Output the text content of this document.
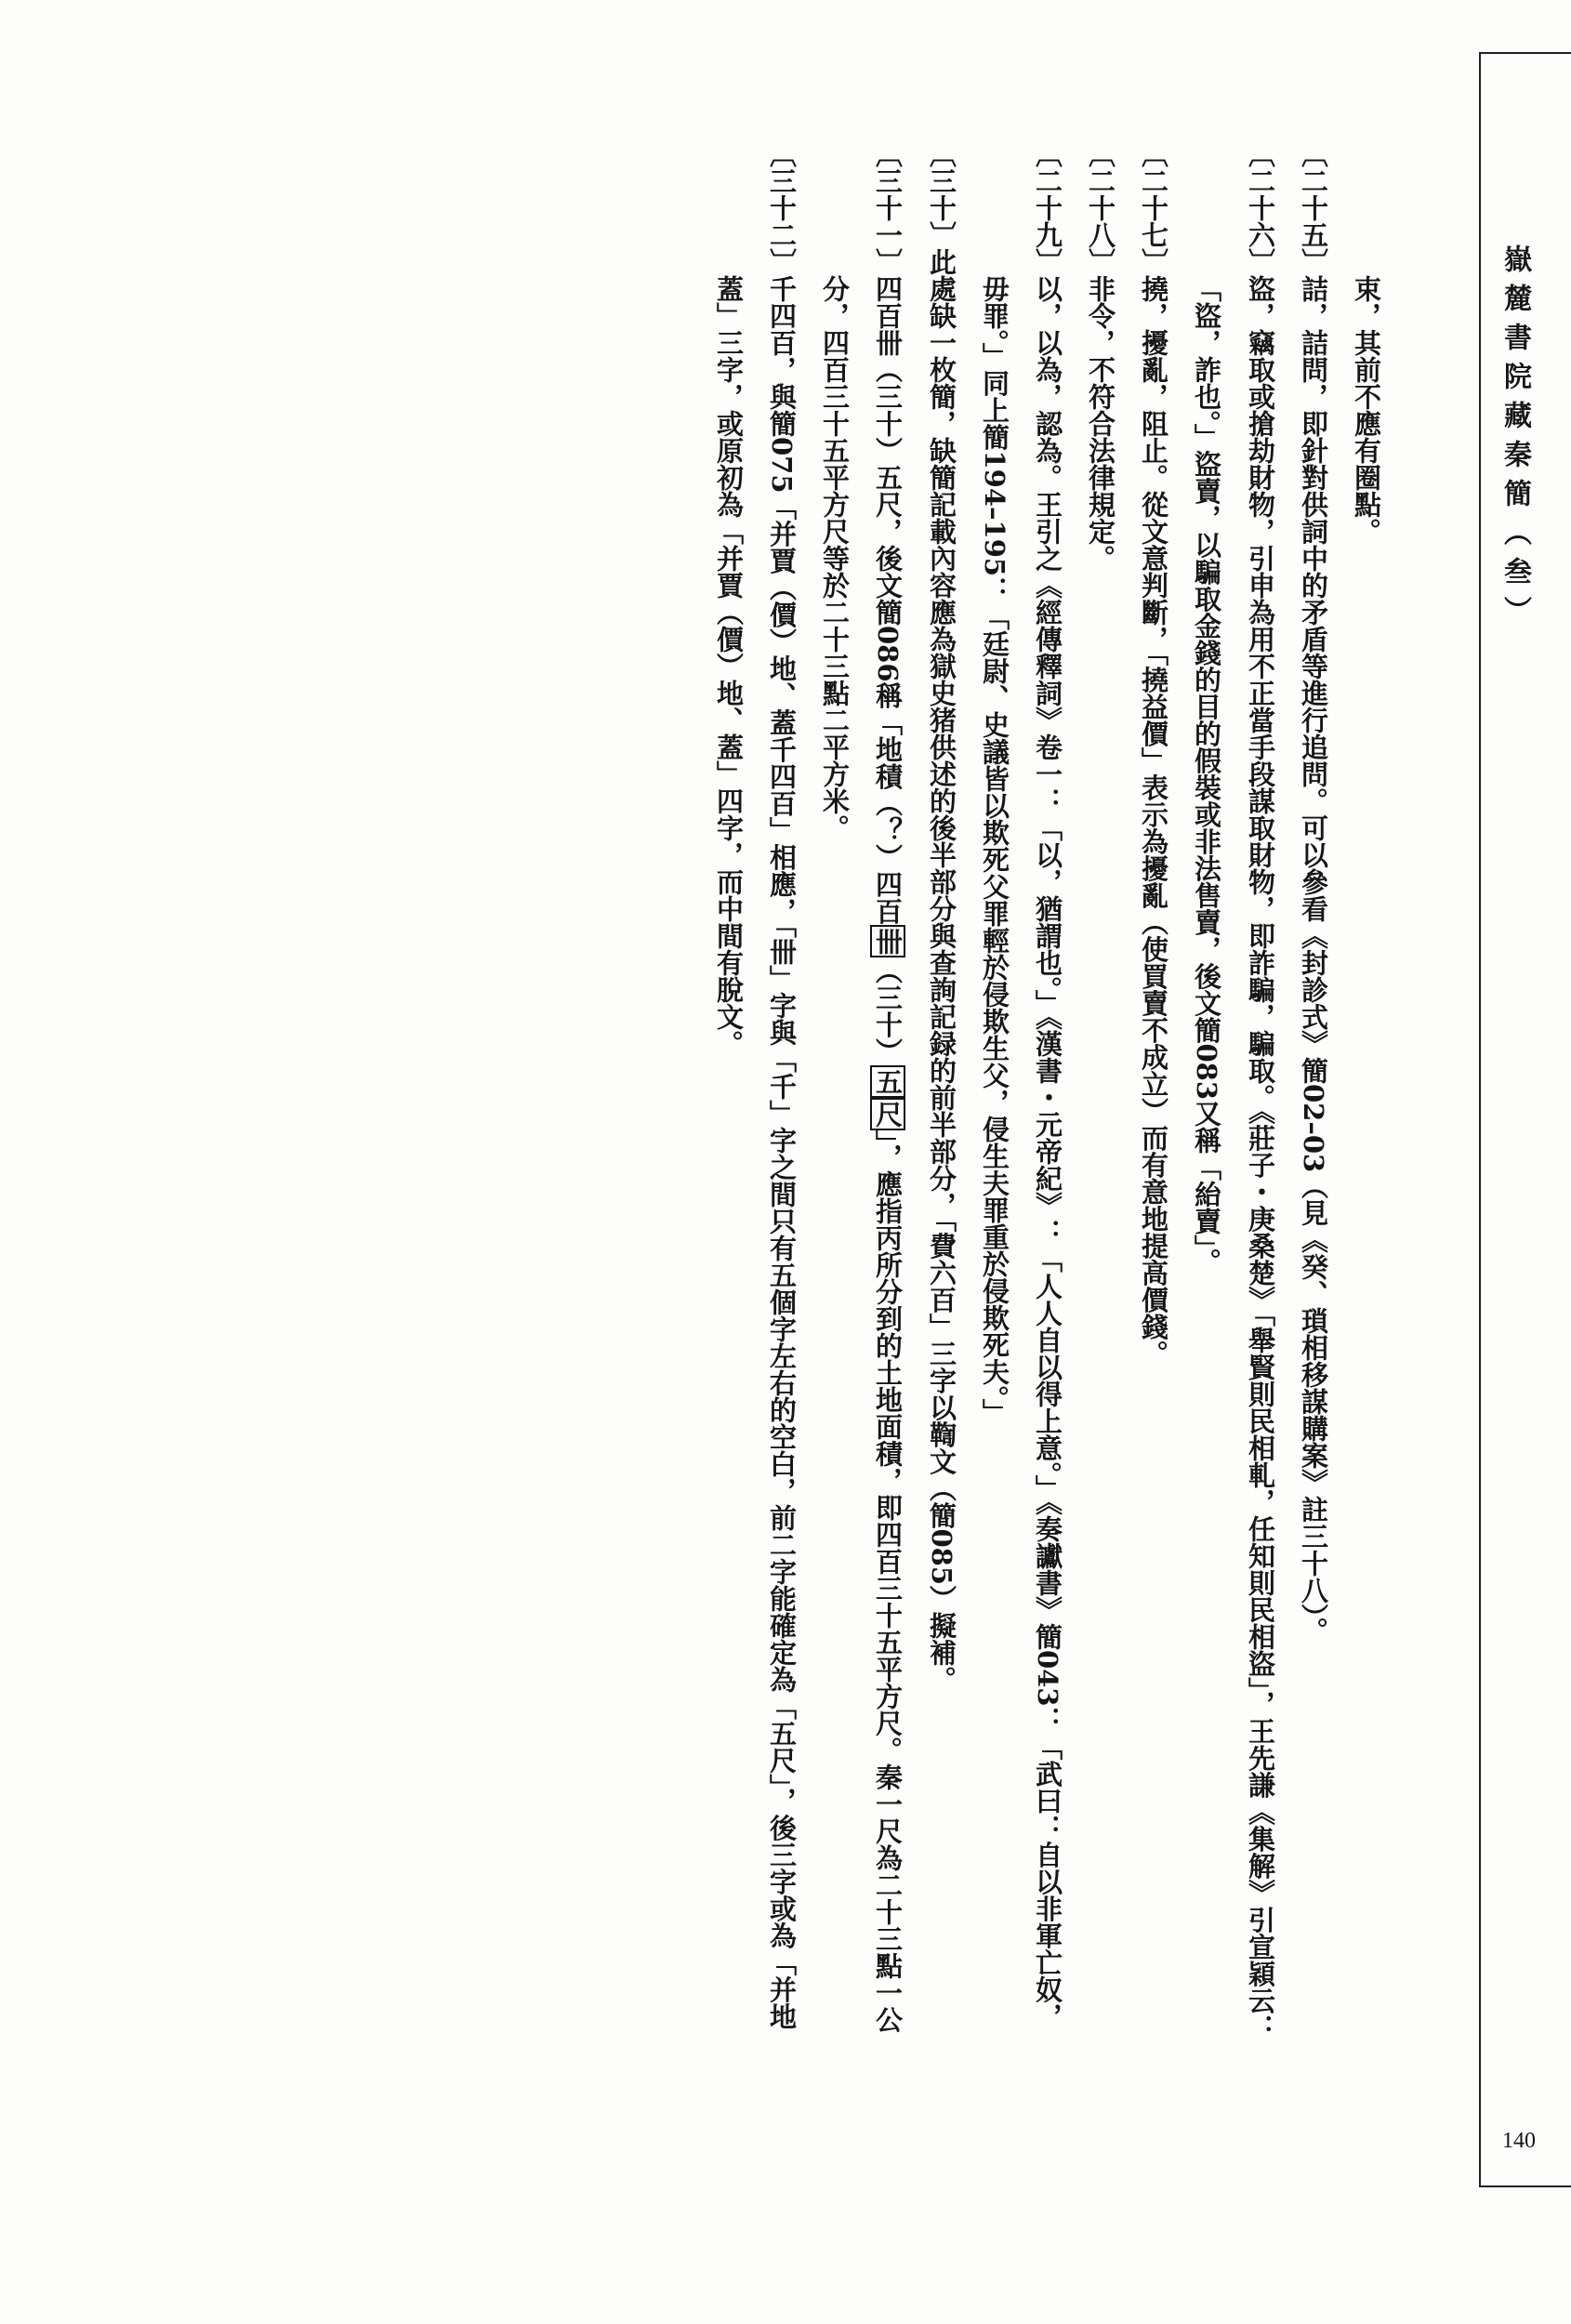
嶽麓書院藏秦簡（叁）
140
束，其前不應有圈點。
〔二十五〕詰，詰問，即針對供詞中的矛盾等進行追問。可以參看《封診式》簡02–03（見《癸、瑣相移謀購案》註三十八）。
〔二十六〕盜，竊取或搶劫財物，引申為用不正當手段謀取財物，即詐騙，騙取。《莊子・庚桑楚》「舉賢則民相軋，任知則民相盜」，王先謙《集解》引宣穎云：
「盜，詐也。」盜賣，以騙取金錢的目的假裝或非法售賣，後文簡083又稱「紿賣」。
〔二十七〕撓，擾亂，阻止。從文意判斷，「撓益價」表示為擾亂（使買賣不成立）而有意地提高價錢。
〔二十八〕非令，不符合法律規定。
〔二十九〕以，以為，認為。王引之《經傳釋詞》卷一：「以，猶謂也。」《漢書・元帝紀》：「人人自以得上意。」《奏讞書》簡043：「武曰：自以非軍亡奴，
毋罪。」同上簡194–195：「廷尉、史議皆以欺死父罪輕於侵欺生父，侵生夫罪重於侵欺死夫。」
〔三十〕此處缺一枚簡，缺簡記載內容應為獄史猪供述的後半部分與查詢記録的前半部分，「費六百」三字以鞫文（簡085）擬補。
〔三十一〕四百卌（三十）五尺，後文簡086稱「地積（？）四百卌（三十）五尺」，應指丙所分到的土地面積，即四百三十五平方尺。秦一尺為二十三點一公
分，四百三十五平方尺等於二十三點二平方米。
〔三十二〕千四百，與簡075「并賈（價）地、蓋千四百」相應，「卌」字與「千」字之間只有五個字左右的空白，前二字能確定為「五尺」，後三字或為「并地
蓋」三字，或原初為「并賈（價）地、蓋」四字，而中間有脫文。
